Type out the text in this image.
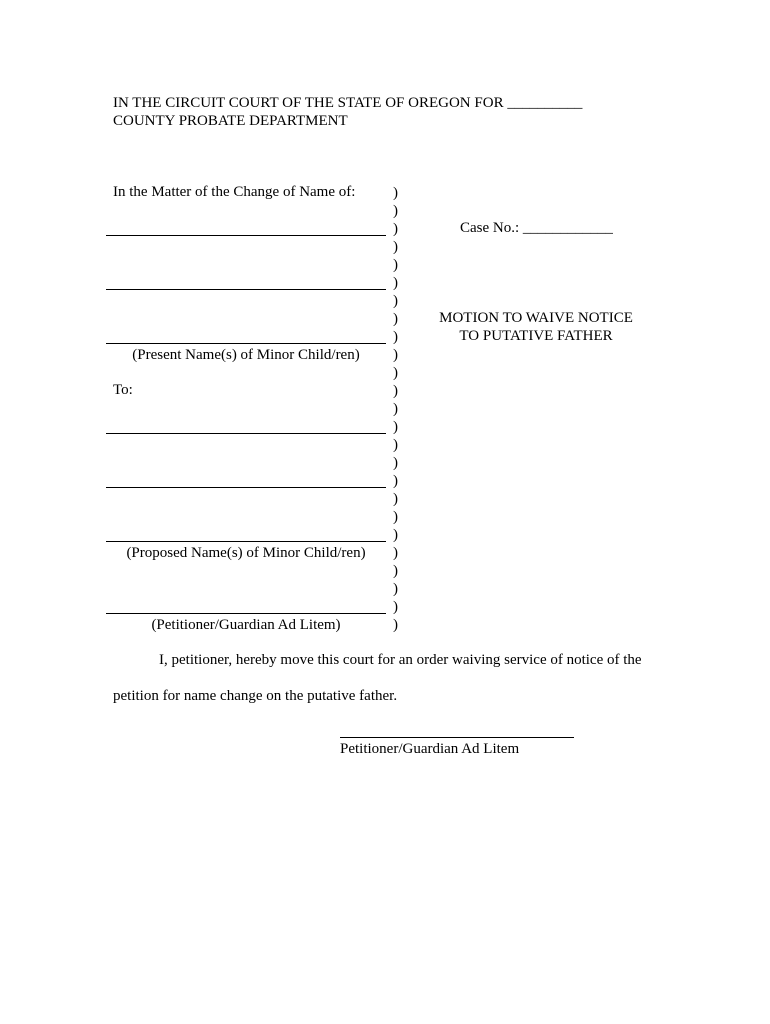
IN THE CIRCUIT COURT OF THE STATE OF OREGON FOR __________
COUNTY PROBATE DEPARTMENT
In the Matter of the Change of Name of:
(Present Name(s) of Minor Child/ren)
To:
(Proposed Name(s) of Minor Child/ren)
(Petitioner/Guardian Ad Litem)
)
)
)
)
)
)
)
)
)
)
)
)
)
)
)
)
)
)
)
)
)
)
)
)
)
Case No.: ____________
MOTION TO WAIVE NOTICE
TO PUTATIVE FATHER
I, petitioner, hereby move this court for an order waiving service of notice of the
petition for name change on the putative father.
Petitioner/Guardian Ad Litem
